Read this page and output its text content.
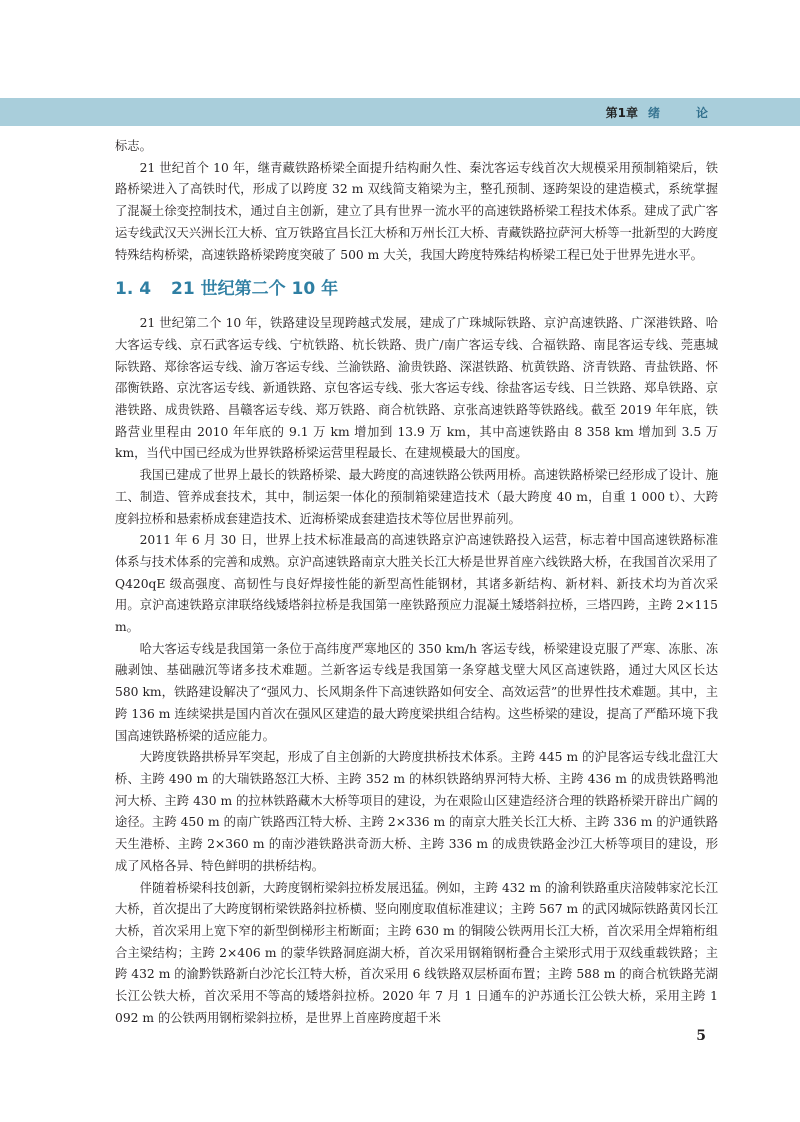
第1章 绪　论

标志。

21 世纪首个 10 年，继青藏铁路桥梁全面提升结构耐久性、秦沈客运专线首次大规模采用预制箱梁后，铁路桥梁进入了高铁时代，形成了以跨度 32 m 双线简支箱梁为主，整孔预制、逐跨架设的建造模式，系统掌握了混凝土徐变控制技术，通过自主创新，建立了具有世界一流水平的高速铁路桥梁工程技术体系。建成了武广客运专线武汉天兴洲长江大桥、宜万铁路宜昌长江大桥和万州长江大桥、青藏铁路拉萨河大桥等一批新型的大跨度特殊结构桥梁，高速铁路桥梁跨度突破了 500 m 大关，我国大跨度特殊结构桥梁工程已处于世界先进水平。

1. 4 21 世纪第二个 10 年

21 世纪第二个 10 年，铁路建设呈现跨越式发展，建成了广珠城际铁路、京沪高速铁路、广深港铁路、哈大客运专线、京石武客运专线、宁杭铁路、杭长铁路、贵广/南广客运专线、合福铁路、南昆客运专线、莞惠城际铁路、郑徐客运专线、渝万客运专线、兰渝铁路、渝贵铁路、深湛铁路、杭黄铁路、济青铁路、青盐铁路、怀邵衡铁路、京沈客运专线、新通铁路、京包客运专线、张大客运专线、徐盐客运专线、日兰铁路、郑阜铁路、京港铁路、成贵铁路、昌赣客运专线、郑万铁路、商合杭铁路、京张高速铁路等铁路线。截至 2019 年年底，铁路营业里程由 2010 年年底的 9.1 万 km 增加到 13.9 万 km，其中高速铁路由 8 358 km 增加到 3.5 万 km，当代中国已经成为世界铁路桥梁运营里程最长、在建规模最大的国度。

我国已建成了世界上最长的铁路桥梁、最大跨度的高速铁路公铁两用桥。高速铁路桥梁已经形成了设计、施工、制造、管养成套技术，其中，制运架一体化的预制箱梁建造技术（最大跨度 40 m，自重 1 000 t）、大跨度斜拉桥和悬索桥成套建造技术、近海桥梁成套建造技术等位居世界前列。

2011 年 6 月 30 日，世界上技术标准最高的高速铁路京沪高速铁路投入运营，标志着中国高速铁路标准体系与技术体系的完善和成熟。京沪高速铁路南京大胜关长江大桥是世界首座六线铁路大桥，在我国首次采用了 Q420qE 级高强度、高韧性与良好焊接性能的新型高性能钢材，其诸多新结构、新材料、新技术均为首次采用。京沪高速铁路京津联络线矮塔斜拉桥是我国第一座铁路预应力混凝土矮塔斜拉桥，三塔四跨，主跨 2×115 m。

哈大客运专线是我国第一条位于高纬度严寒地区的 350 km/h 客运专线，桥梁建设克服了严寒、冻胀、冻融剥蚀、基础融沉等诸多技术难题。兰新客运专线是我国第一条穿越戈壁大风区高速铁路，通过大风区长达 580 km，铁路建设解决了“强风力、长风期条件下高速铁路如何安全、高效运营”的世界性技术难题。其中，主跨 136 m 连续梁拱是国内首次在强风区建造的最大跨度梁拱组合结构。这些桥梁的建设，提高了严酷环境下我国高速铁路桥梁的适应能力。

大跨度铁路拱桥异军突起，形成了自主创新的大跨度拱桥技术体系。主跨 445 m 的沪昆客运专线北盘江大桥、主跨 490 m 的大瑞铁路怒江大桥、主跨 352 m 的林织铁路纳界河特大桥、主跨 436 m 的成贵铁路鸭池河大桥、主跨 430 m 的拉林铁路藏木大桥等项目的建设，为在艰险山区建造经济合理的铁路桥梁开辟出广阔的途径。主跨 450 m 的南广铁路西江特大桥、主跨 2×336 m 的南京大胜关长江大桥、主跨 336 m 的沪通铁路天生港桥、主跨 2×360 m 的南沙港铁路洪奇沥大桥、主跨 336 m 的成贵铁路金沙江大桥等项目的建设，形成了风格各异、特色鲜明的拱桥结构。

伴随着桥梁科技创新，大跨度钢桁梁斜拉桥发展迅猛。例如，主跨 432 m 的渝利铁路重庆涪陵韩家沱长江大桥，首次提出了大跨度钢桁梁铁路斜拉桥横、竖向刚度取值标准建议；主跨 567 m 的武冈城际铁路黄冈长江大桥，首次采用上宽下窄的新型倒梯形主桁断面；主跨 630 m 的铜陵公铁两用长江大桥，首次采用全焊箱桁组合主梁结构；主跨 2×406 m 的蒙华铁路洞庭湖大桥，首次采用钢箱钢桁叠合主梁形式用于双线重载铁路；主跨 432 m 的渝黔铁路新白沙沱长江特大桥，首次采用 6 线铁路双层桥面布置；主跨 588 m 的商合杭铁路芜湖长江公铁大桥，首次采用不等高的矮塔斜拉桥。2020 年 7 月 1 日通车的沪苏通长江公铁大桥，采用主跨 1 092 m 的公铁两用钢桁梁斜拉桥，是世界上首座跨度超千米

5
